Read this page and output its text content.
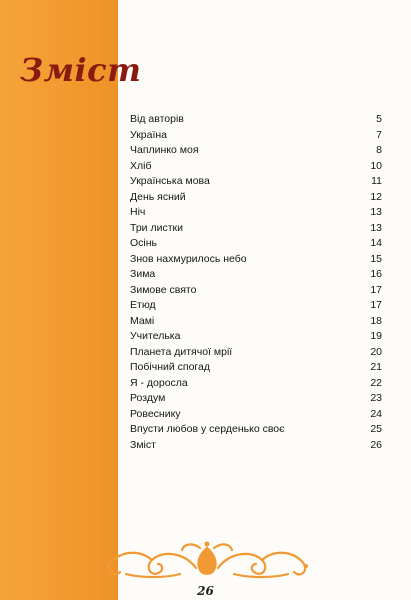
Зміст
Від авторів	5
Україна	7
Чаплинко моя	8
Хліб	10
Українська мова	11
День ясний	12
Ніч	13
Три листки	13
Осінь	14
Знов нахмурилось небо	15
Зима	16
Зимове свято	17
Етюд	17
Мамі	18
Учителька	19
Планета дитячої мрії	20
Побічний спогад	21
Я - доросла	22
Роздум	23
Ровеснику	24
Впусти любов у серденько своє	25
Зміст	26
26
